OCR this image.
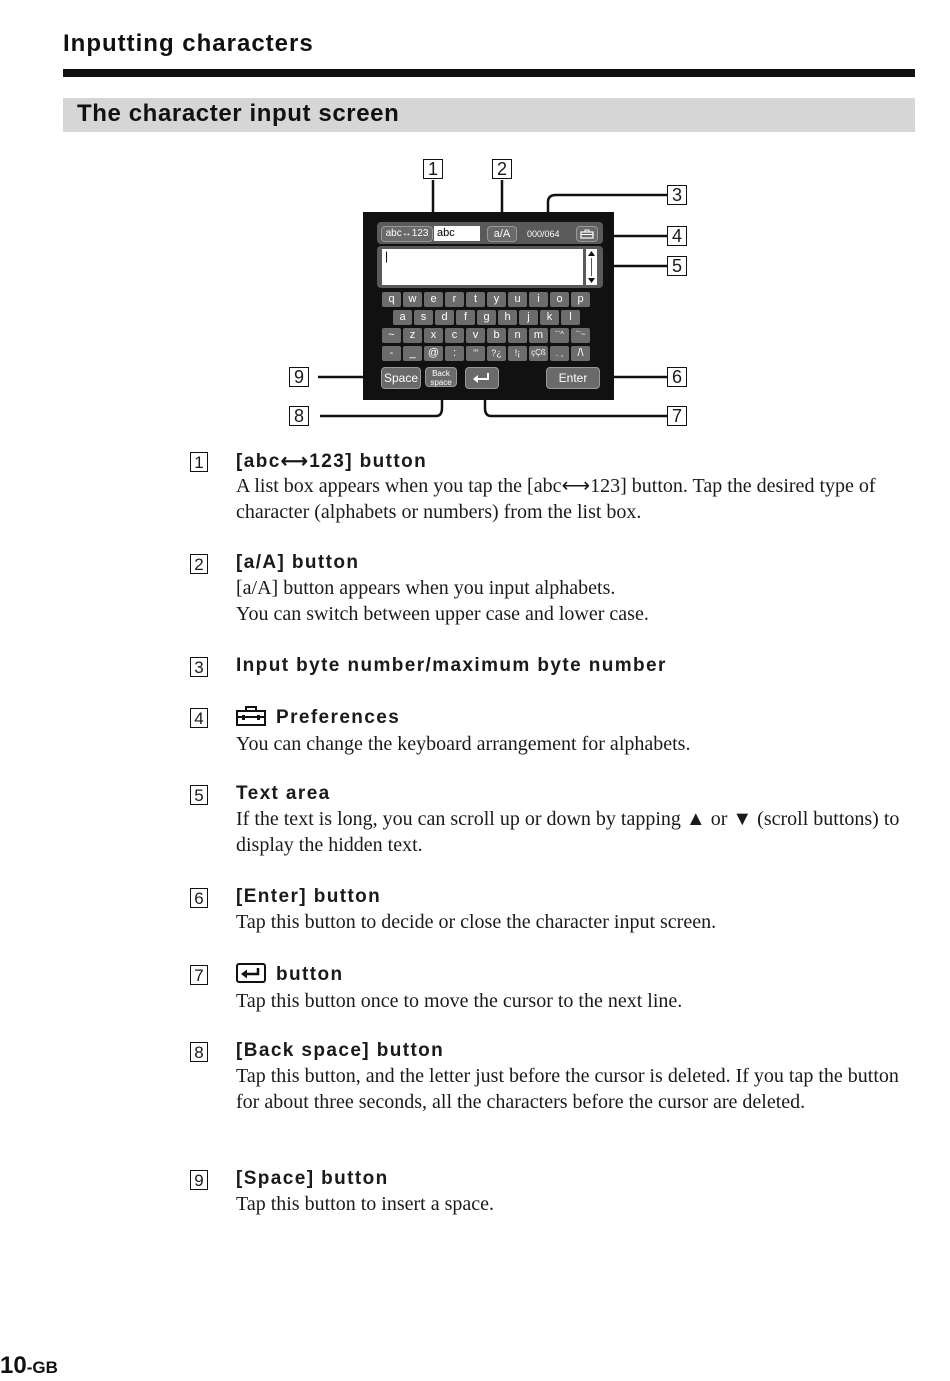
Inputting characters
The character input screen
abc↔123 abc	a/A	000/064
|
q	w	e	r	t	y	u	i	o	p
a	s	d	f	g	h	j	k	l
~	z	x	c	v	b	n	m	´¨^	`¨~
-	_	@	:	’”	?¿	!¡	çÇß	. ,	/\
Space	Back space	Enter
1	2
3
4
5
6
7
8
9
1 [abc⟷123] button

A list box appears when you tap the [abc⟷123] button. Tap the desired type of character (alphabets or numbers) from the list box.

2 [a/A] button

[a/A] button appears when you input alphabets.

You can switch between upper case and lower case.

3 Input byte number/maximum byte number
4	Preferences

You can change the keyboard arrangement for alphabets.

5 Text area

If the text is long, you can scroll up or down by tapping ▲ or ▼ (scroll buttons) to display the hidden text.

6 [Enter] button

Tap this button to decide or close the character input screen.

7	button

Tap this button once to move the cursor to the next line.

8 [Back space] button

Tap this button, and the letter just before the cursor is deleted. If you tap the button for about three seconds, all the characters before the cursor are deleted.

9 [Space] button

Tap this button to insert a space.

10-GB
